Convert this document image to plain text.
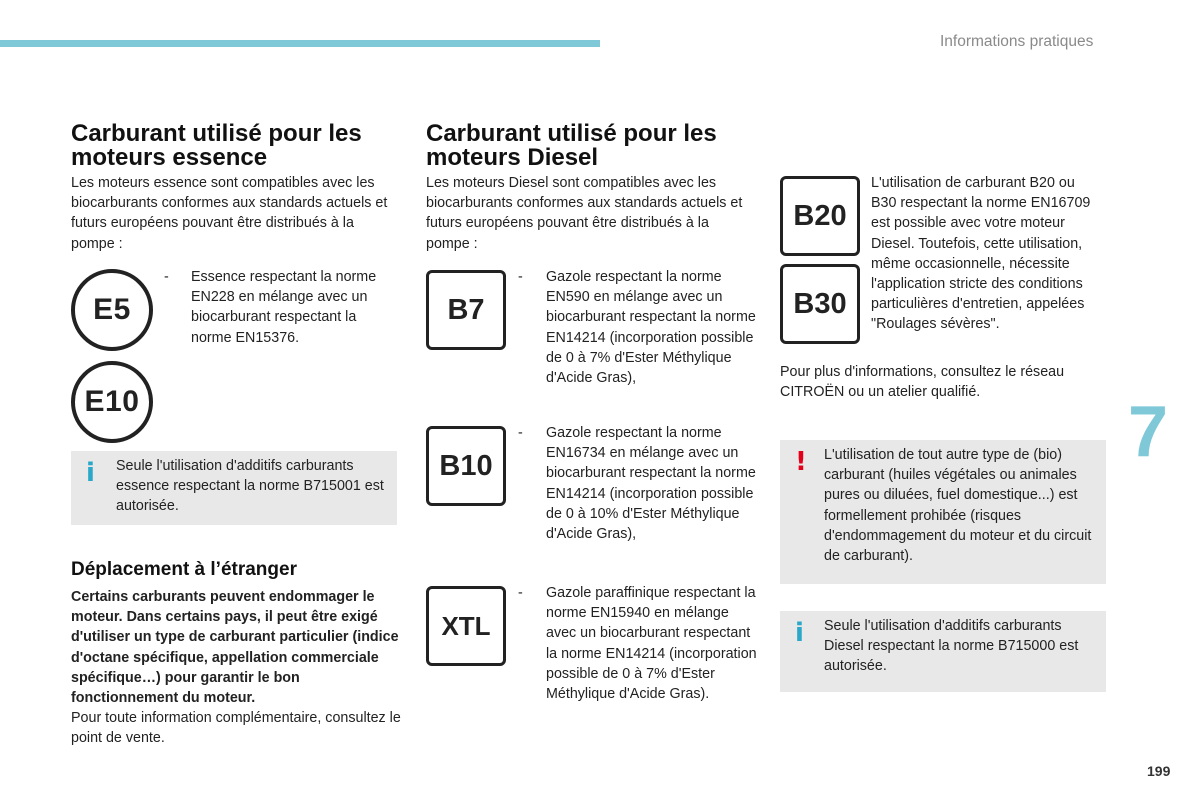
Informations pratiques
7
199
Carburant utilisé pour les moteurs essence

Les moteurs essence sont compatibles avec les biocarburants conformes aux standards actuels et futurs européens pouvant être distribués à la pompe :

E5
- Essence respectant la norme EN228 en mélange avec un biocarburant respectant la norme EN15376.

E10
i Seule l'utilisation d'additifs carburants essence respectant la norme B715001 est autorisée.

Déplacement à l’étranger

Certains carburants peuvent endommager le moteur. Dans certains pays, il peut être exigé d'utiliser un type de carburant particulier (indice d'octane spécifique, appellation commerciale spécifique…) pour garantir le bon fonctionnement du moteur.

Pour toute information complémentaire, consultez le point de vente.

Carburant utilisé pour les moteurs Diesel

Les moteurs Diesel sont compatibles avec les biocarburants conformes aux standards actuels et futurs européens pouvant être distribués à la pompe :

B7
- Gazole respectant la norme EN590 en mélange avec un biocarburant respectant la norme EN14214 (incorporation possible de 0 à 7% d'Ester Méthylique d'Acide Gras),

B10
- Gazole respectant la norme EN16734 en mélange avec un biocarburant respectant la norme EN14214 (incorporation possible de 0 à 10% d'Ester Méthylique d'Acide Gras),

XTL
- Gazole paraffinique respectant la norme EN15940 en mélange avec un biocarburant respectant la norme EN14214 (incorporation possible de 0 à 7% d'Ester Méthylique d'Acide Gras).

B20
B30

L'utilisation de carburant B20 ou B30 respectant la norme EN16709 est possible avec votre moteur Diesel. Toutefois, cette utilisation, même occasionnelle, nécessite l'application stricte des conditions particulières d'entretien, appelées "Roulages sévères".

Pour plus d'informations, consultez le réseau CITROËN ou un atelier qualifié.

! L'utilisation de tout autre type de (bio) carburant (huiles végétales ou animales pures ou diluées, fuel domestique...) est formellement prohibée (risques d'endommagement du moteur et du circuit de carburant).

i Seule l'utilisation d'additifs carburants Diesel respectant la norme B715000 est autorisée.
